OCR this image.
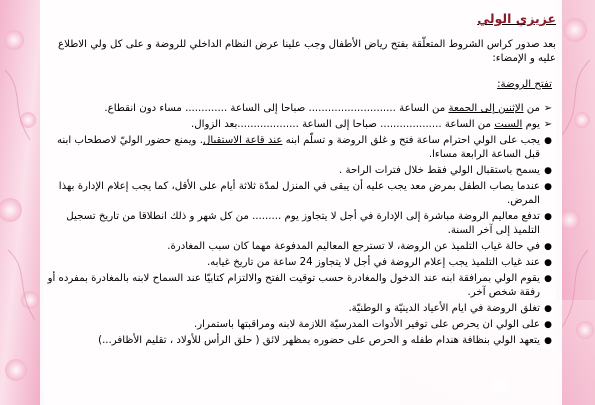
عزيزي الولي
بعد صدور كراس الشروط المتعلّقة بفتح رياض الأطفال وجب علينا عرض النظام الداخلي للروضة و على كل ولي الاطلاع عليه و الإمضاء:
تفتح الروضة:
➢
من الإثنين إلى الجمعة من الساعة ........................... صباحا إلى الساعة ............. مساء دون انقطاع.
➢
يوم السبت من الساعة ................... صباحا إلى الساعة ...................بعد الزوال.
●
يجب على الولي احترام ساعة فتح و غلق الروضة و تسلّم ابنه عند قاعة الاستقبال. ويمنع حضور الوليّ لاصطحاب ابنه قبل الساعة الرابعة مساءا.
●
يسمح باستقبال الولي فقط خلال فترات الراحة .
●
عندما يصاب الطفل بمرض معد يجب عليه أن يبقى في المنزل لمدّة ثلاثة أيام على الأقل، كما يجب إعلام الإدارة بهذا المرض.
●
تدفع معاليم الروضة مباشرة إلى الإدارة في أجل لا يتجاوز يوم ......... من كل شهر و ذلك انطلاقا من تاريخ تسجيل التلميذ إلى آخر السنة.
●
في حالة غياب التلميذ عن الروضة، لا تسترجع المعاليم المدفوعة مهما كان سبب المغادرة.
●
عند غياب التلميذ يجب إعلام الروضة في أجل لا يتجاوز 24 ساعة من تاريخ غيابه.
●
يقوم الولي بمرافقة ابنه عند الدخول والمغادرة حسب توقيت الفتح والالتزام كتابيّا عند السماح لابنه بالمغادرة بمفرده أو رفقة شخص آخر.
●
تغلق الروضة في ايام الأعياد الدينيّة و الوطنيّة.
●
على الولي ان يحرص على توفير الأدوات المدرسيّة اللازمة لابنه ومراقبتها باستمرار.
●
يتعهد الولي بنظافة هندام طفله و الحرص على حضوره بمظهر لائق ( حلق الرأس للأولاد ، تقليم الأظافر...)
